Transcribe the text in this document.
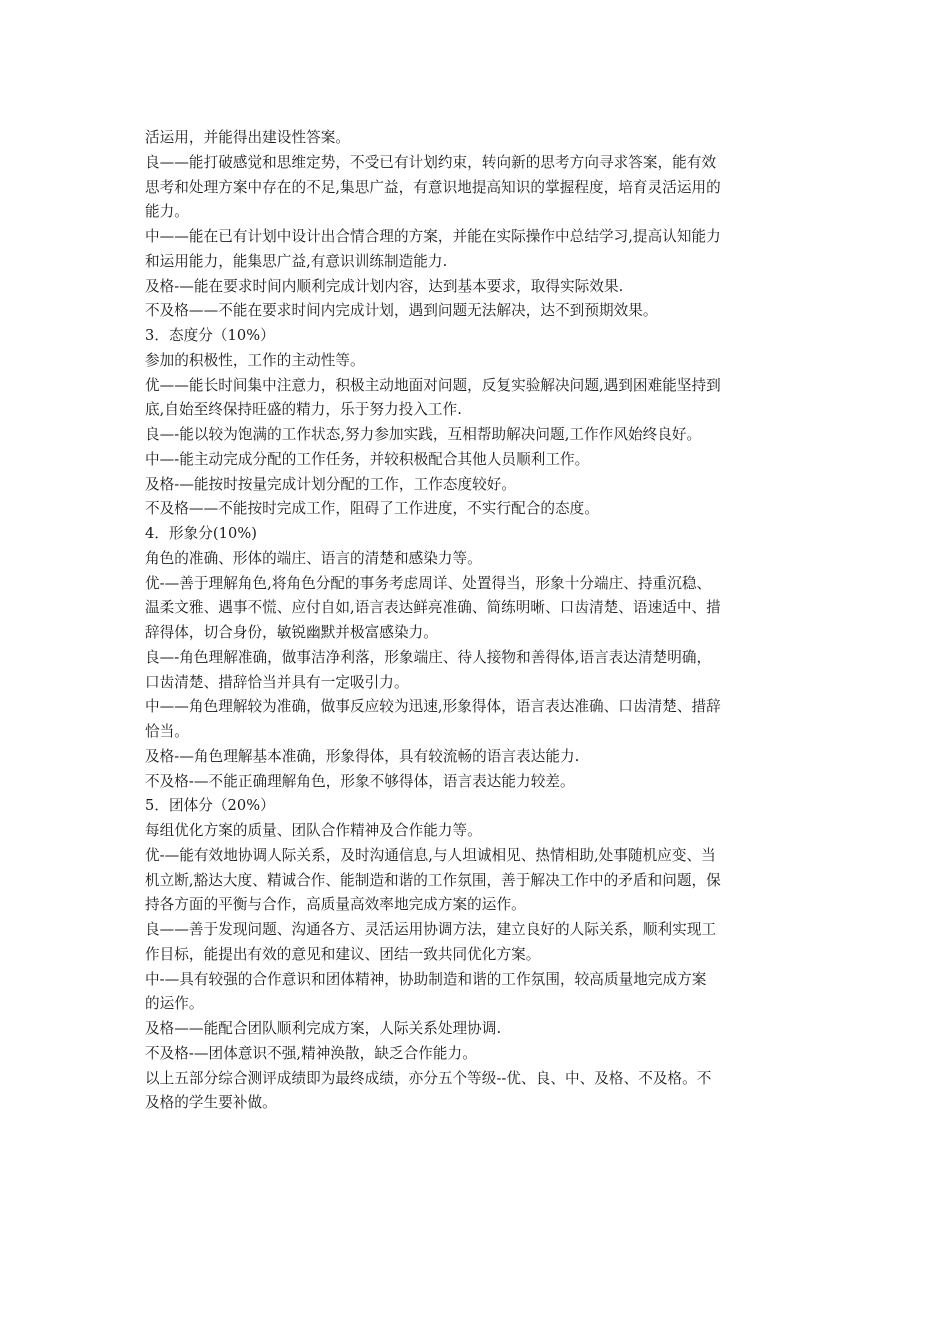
活运用，并能得出建设性答案。
良——能打破感觉和思维定势，不受已有计划约束，转向新的思考方向寻求答案，能有效
思考和处理方案中存在的不足,集思广益，有意识地提高知识的掌握程度，培育灵活运用的
能力。
中——能在已有计划中设计出合情合理的方案，并能在实际操作中总结学习,提高认知能力
和运用能力，能集思广益,有意识训练制造能力.
及格-—能在要求时间内顺利完成计划内容，达到基本要求，取得实际效果.
不及格——不能在要求时间内完成计划，遇到问题无法解决，达不到预期效果。
3．态度分（10%）
参加的积极性，工作的主动性等。
优——能长时间集中注意力，积极主动地面对问题，反复实验解决问题,遇到困难能坚持到
底,自始至终保持旺盛的精力，乐于努力投入工作.
良—-能以较为饱满的工作状态,努力参加实践，互相帮助解决问题,工作作风始终良好。
中—-能主动完成分配的工作任务，并较积极配合其他人员顺利工作。
及格-—能按时按量完成计划分配的工作，工作态度较好。
不及格——不能按时完成工作，阻碍了工作进度，不实行配合的态度。
4．形象分(10%)
角色的准确、形体的端庄、语言的清楚和感染力等。
优-—善于理解角色,将角色分配的事务考虑周详、处置得当，形象十分端庄、持重沉稳、
温柔文雅、遇事不慌、应付自如,语言表达鲜亮准确、简练明晰、口齿清楚、语速适中、措
辞得体，切合身份，敏锐幽默并极富感染力。
良—-角色理解准确，做事洁净利落，形象端庄、待人接物和善得体,语言表达清楚明确，
口齿清楚、措辞恰当并具有一定吸引力。
中——角色理解较为准确，做事反应较为迅速,形象得体，语言表达准确、口齿清楚、措辞
恰当。
及格-—角色理解基本准确，形象得体，具有较流畅的语言表达能力.
不及格-—不能正确理解角色，形象不够得体，语言表达能力较差。
5．团体分（20%）
每组优化方案的质量、团队合作精神及合作能力等。
优-—能有效地协调人际关系，及时沟通信息,与人坦诚相见、热情相助,处事随机应变、当
机立断,豁达大度、精诚合作、能制造和谐的工作氛围，善于解决工作中的矛盾和问题，保
持各方面的平衡与合作，高质量高效率地完成方案的运作。
良——善于发现问题、沟通各方、灵活运用协调方法，建立良好的人际关系，顺利实现工
作目标，能提出有效的意见和建议、团结一致共同优化方案。
中-—具有较强的合作意识和团体精神，协助制造和谐的工作氛围，较高质量地完成方案
的运作。
及格——能配合团队顺利完成方案，人际关系处理协调.
不及格-—团体意识不强,精神涣散，缺乏合作能力。
以上五部分综合测评成绩即为最终成绩，亦分五个等级--优、良、中、及格、不及格。不
及格的学生要补做。
